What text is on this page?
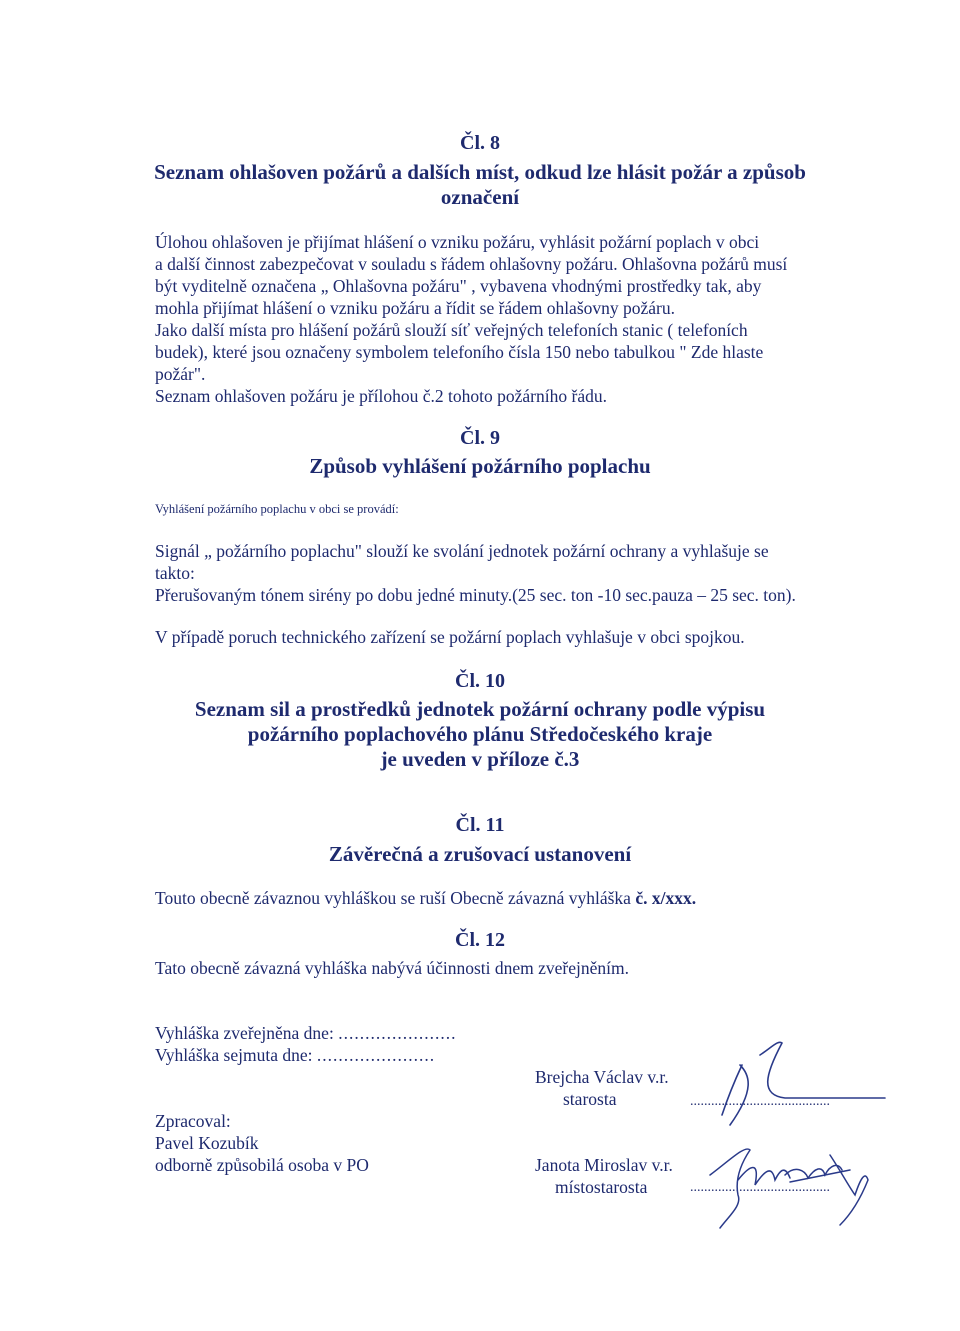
Čl. 8
Seznam ohlašoven požárů a dalších míst, odkud lze hlásit požár a způsob
označení
Úlohou ohlašoven je přijímat hlášení o vzniku požáru, vyhlásit požární poplach v obci
a další činnost zabezpečovat v souladu s řádem ohlašovny požáru. Ohlašovna požárů musí
být vyditelně označena „ Ohlašovna požáru" , vybavena vhodnými prostředky tak, aby
mohla přijímat hlášení o vzniku požáru a řídit se řádem ohlašovny požáru.
Jako další místa pro hlášení požárů slouží síť veřejných telefoních stanic ( telefoních
budek), které jsou označeny symbolem telefoního čísla 150 nebo tabulkou " Zde hlaste
požár".
Seznam ohlašoven požáru je přílohou č.2 tohoto požárního řádu.
Čl. 9
Způsob vyhlášení požárního poplachu
Vyhlášení požárního poplachu v obci se provádí:
Signál „ požárního poplachu" slouží ke svolání jednotek požární ochrany a vyhlašuje se
takto:
Přerušovaným tónem sirény po dobu jedné minuty.(25 sec. ton -10 sec.pauza – 25 sec. ton).
V případě poruch technického zařízení se požární poplach vyhlašuje v obci spojkou.
Čl. 10
Seznam sil a prostředků jednotek požární ochrany podle výpisu
požárního poplachového plánu Středočeského kraje
je uveden v příloze č.3
Čl. 11
Závěrečná a zrušovací ustanovení
Touto obecně závaznou vyhláškou se ruší Obecně závazná vyhláška č. x/xxx.
Čl. 12
Tato obecně závazná vyhláška nabývá účinnosti dnem zveřejněním.
Vyhláška zveřejněna dne: ......................
Vyhláška sejmuta dne: ......................
Zpracoval:
Pavel Kozubík
odborně způsobilá osoba v PO
Brejcha Václav v.r.
starosta	........................................
Janota Miroslav v.r.
místostarosta	........................................
